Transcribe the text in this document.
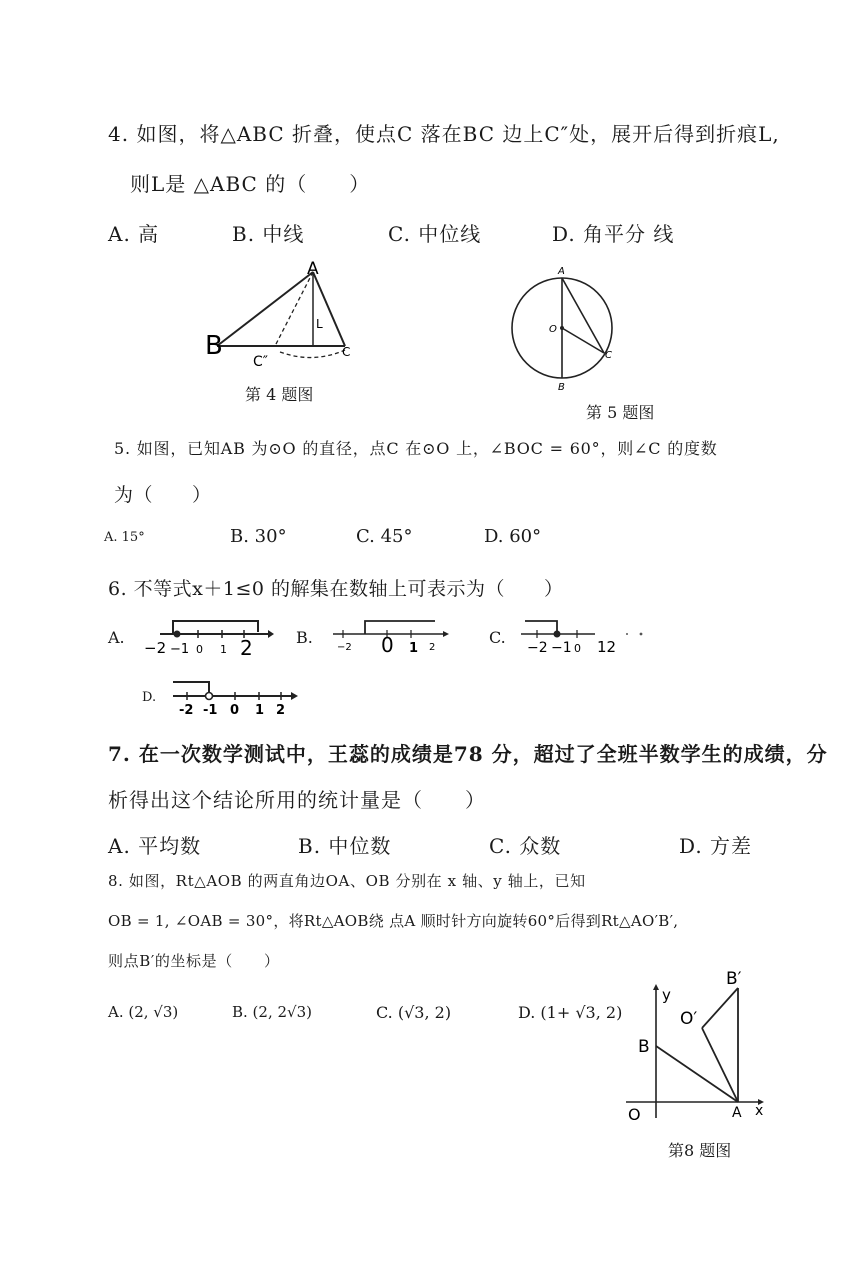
4. 如图，将△ABC 折叠，使点C 落在BC 边上C″处，展开后得到折痕L,
则L是 △ABC 的（　　）
A. 高	B. 中线	C. 中位线	D. 角平分 线
A
B	C
C″
L
第 4 题图
A
O
C
B
第 5 题图
5. 如图，已知AB 为⊙O 的直径，点C 在⊙O 上，∠BOC = 60°，则∠C 的度数
为（　　）
A. 15°	B. 30°	C. 45°	D. 60°
6. 不等式x＋1≤0 的解集在数轴上可表示为（　　）
A.
−2 −1 0 1 2	B.
−2 0 1 2
C.
−2 −1 0 12
D.
-2 -1 0 1 2
7. 在一次数学测试中，王蕊的成绩是78 分，超过了全班半数学生的成绩，分
析得出这个结论所用的统计量是（　　）
A. 平均数	B. 中位数	C. 众数	D. 方差
8. 如图，Rt△AOB 的两直角边OA、OB 分别在 x 轴、y 轴上，已知
OB = 1, ∠OAB = 30°，将Rt△AOB绕 点A 顺时针方向旋转60°后得到Rt△AO′B′,
则点B′的坐标是（　　）
A. (2, √3)	B. (2, 2√3)	C. (√3, 2)	D. (1+ √3, 2)
y
x
O	A
B
O′
B′
第8 题图
